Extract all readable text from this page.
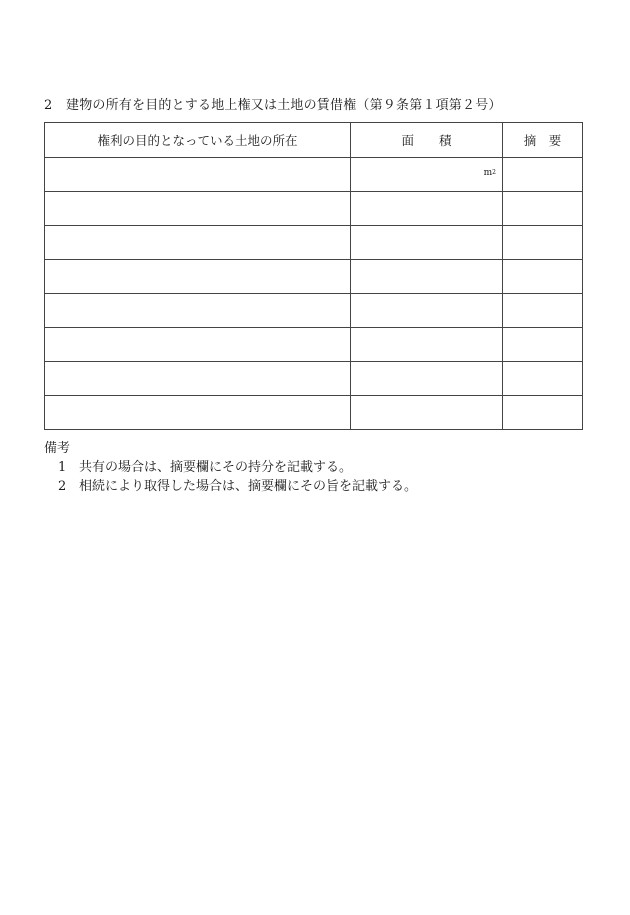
2 建物の所有を目的とする地上権又は土地の賃借権（第９条第１項第２号）
権利の目的となっている土地の所在	面　　積	摘　要

	$m^2$

備考
1 共有の場合は、摘要欄にその持分を記載する。
2 相続により取得した場合は、摘要欄にその旨を記載する。
